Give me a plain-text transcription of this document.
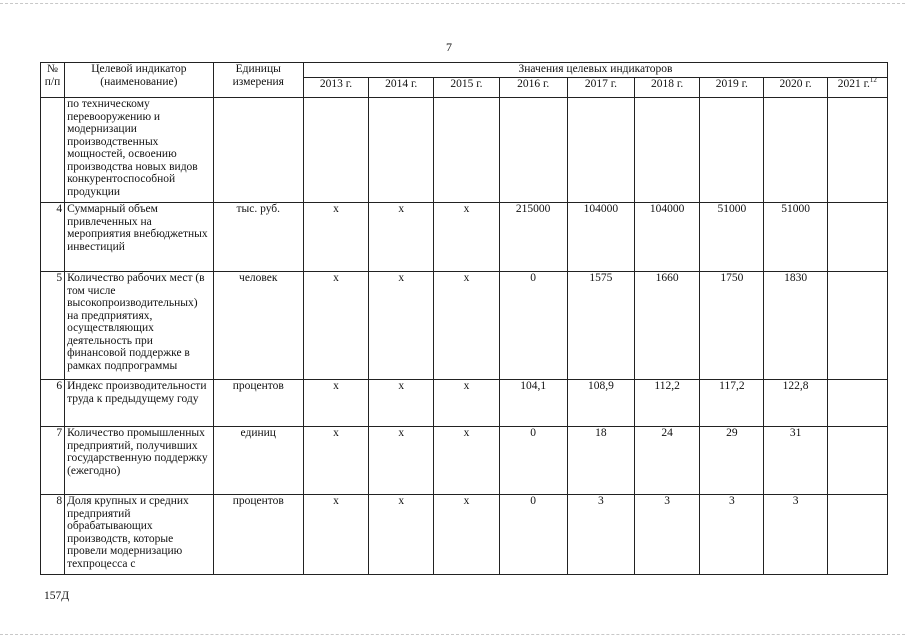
7
№ п/п	Целевой индикатор (наименование)	Единицы измерения	Значения целевых индикаторов								
			2013 г.	2014 г.	2015 г.	2016 г.	2017 г.	2018 г.	2019 г.	2020 г.	2021 г.$^{12}$
	по техническому перевооружению и модернизации производственных мощностей, освоению производства новых видов конкурентоспособной продукции										
4	Суммарный объем привлеченных на мероприятия внебюджетных инвестиций	тыс. руб.	x	x	x	215000	104000	104000	51000	51000	
5	Количество рабочих мест (в том числе высокопроизводительных) на предприятиях, осуществляющих деятельность при финансовой поддержке в рамках подпрограммы	человек	x	x	x	0	1575	1660	1750	1830	
6	Индекс производительности труда к предыдущему году	процентов	x	x	x	104,1	108,9	112,2	117,2	122,8	
7	Количество промышленных предприятий, получивших государственную поддержку (ежегодно)	единиц	x	x	x	0	18	24	29	31	
8	Доля крупных и средних предприятий обрабатывающих производств, которые провели модернизацию техпроцесса с	процентов	x	x	x	0	3	3	3	3	
157Д
